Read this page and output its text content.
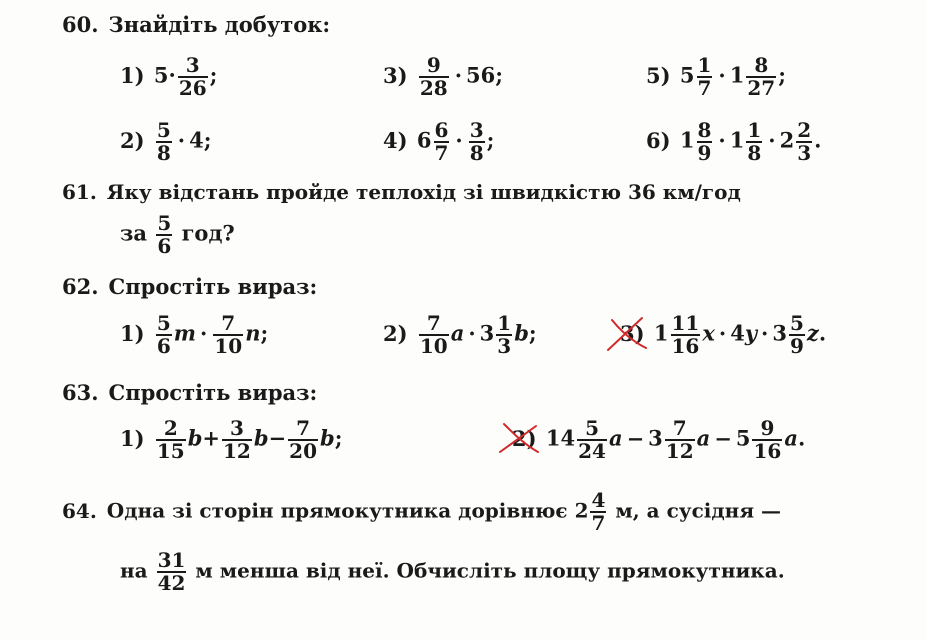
60. Знайдіть добуток:
1) $5\cdot \frac{3}{26}$ ;	$3) \frac{9}{28} \cdot 56$;	5) $5 \frac{1}{7} \cdot 1 \frac{8}{27}$ ;
$2) \frac{5}{8} \cdot 4$;	4) $6 \frac{6}{7} \cdot \frac{3}{8}$ ;	6) $1 \frac{8}{9} \cdot 1 \frac{1}{8} \cdot 2 \frac{2}{3}$ .
61. Яку відстань пройде теплохід зі швидкістю 36 км/год
за $\frac{5}{6}$ год?
62. Спростіть вираз:
$1) \frac{5}{6}$ $m \cdot \frac{7}{10} n$;	$2) \frac{7}{10}$ $a \cdot 3 \frac{1}{3} b$;	3) $1 \frac{11}{16}$ $x \cdot 4y \cdot 3 \frac{5}{9} z$.
63. Спростіть вираз:
$1) \frac{2}{15} b+ \frac{3}{12} b- \frac{7}{20} b$;	2) $14 \frac{5}{24}$ $a - 3 \frac{7}{12}$ $a - 5 \frac{9}{16} a$.
64. Одна зі сторін прямокутника дорівнює $2 \frac{4}{7} м$, а сусідня —
на $\frac{31}{42}$ м менша від неї. Обчисліть площу прямокутника.
